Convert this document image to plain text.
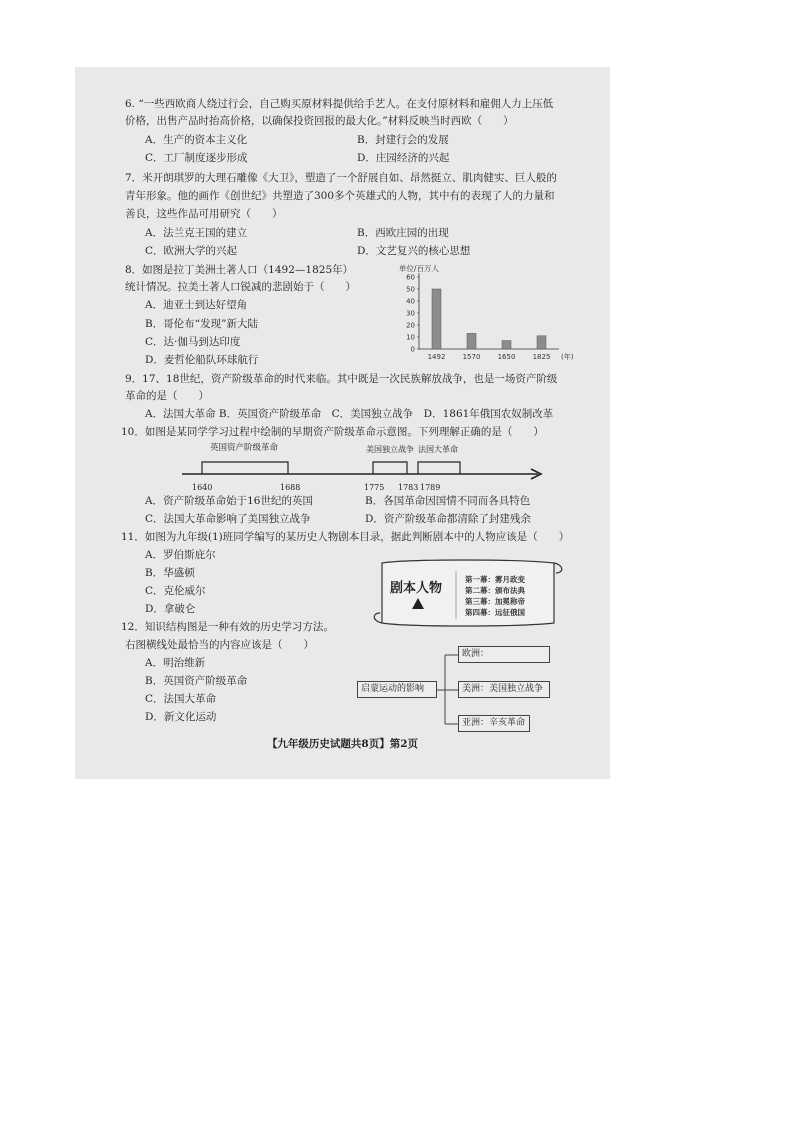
6. “一些西欧商人绕过行会，自己购买原材料提供给手艺人。在支付原材料和雇佣人力上压低
价格，出售产品时抬高价格，以确保投资回报的最大化。”材料反映当时西欧（　　）
A．生产的资本主义化	B．封建行会的发展
C．工厂制度逐步形成	D．庄园经济的兴起
7．米开朗琪罗的大理石雕像《大卫》，塑造了一个舒展自如、昂然挺立、肌肉健实、巨人般的
青年形象。他的画作《创世纪》共塑造了300多个英雄式的人物，其中有的表现了人的力量和
善良，这些作品可用研究（　　）
A．法兰克王国的建立	B．西欧庄园的出现
C．欧洲大学的兴起	D．文艺复兴的核心思想
8．如图是拉丁美洲土著人口（1492—1825年）
统计情况。拉美土著人口锐减的悲剧始于（　　）
A．迪亚士到达好望角
B．哥伦布“发现”新大陆
C．达·伽马到达印度
D．麦哲伦船队环球航行
单位/百万人
0
10
20
30
40
50
60
1492 1570 1650 1825 (年)
9．17、18世纪，资产阶级革命的时代来临。其中既是一次民族解放战争，也是一场资产阶级
革命的是（　　）
A．法国大革命 B．英国资产阶级革命　C．美国独立战争　D．1861年俄国农奴制改革
10．如图是某同学学习过程中绘制的早期资产阶级革命示意图。下列理解正确的是（　　）
英国资产阶级革命
1640	1688
美国独立战争
1775 1783
法国大革命
1789
A．资产阶级革命始于16世纪的英国	B．各国革命因国情不同而各具特色
C．法国大革命影响了美国独立战争	D．资产阶级革命都清除了封建残余
11．如图为九年级(1)班同学编写的某历史人物剧本目录，据此判断剧本中的人物应该是（　　）
A．罗伯斯庇尔
B．华盛顿
C．克伦威尔
D．拿破仑
剧本人物
第一幕：雾月政变
第二幕：颁布法典
第三幕：加冕称帝
第四幕：远征俄国
12．知识结构图是一种有效的历史学习方法。
右图横线处最恰当的内容应该是（　　）
A．明治维新
B．英国资产阶级革命
C．法国大革命
D．新文化运动
启蒙运动的影响
欧洲：
美洲：美国独立战争
亚洲：辛亥革命
【九年级历史试题共8页】第2页
